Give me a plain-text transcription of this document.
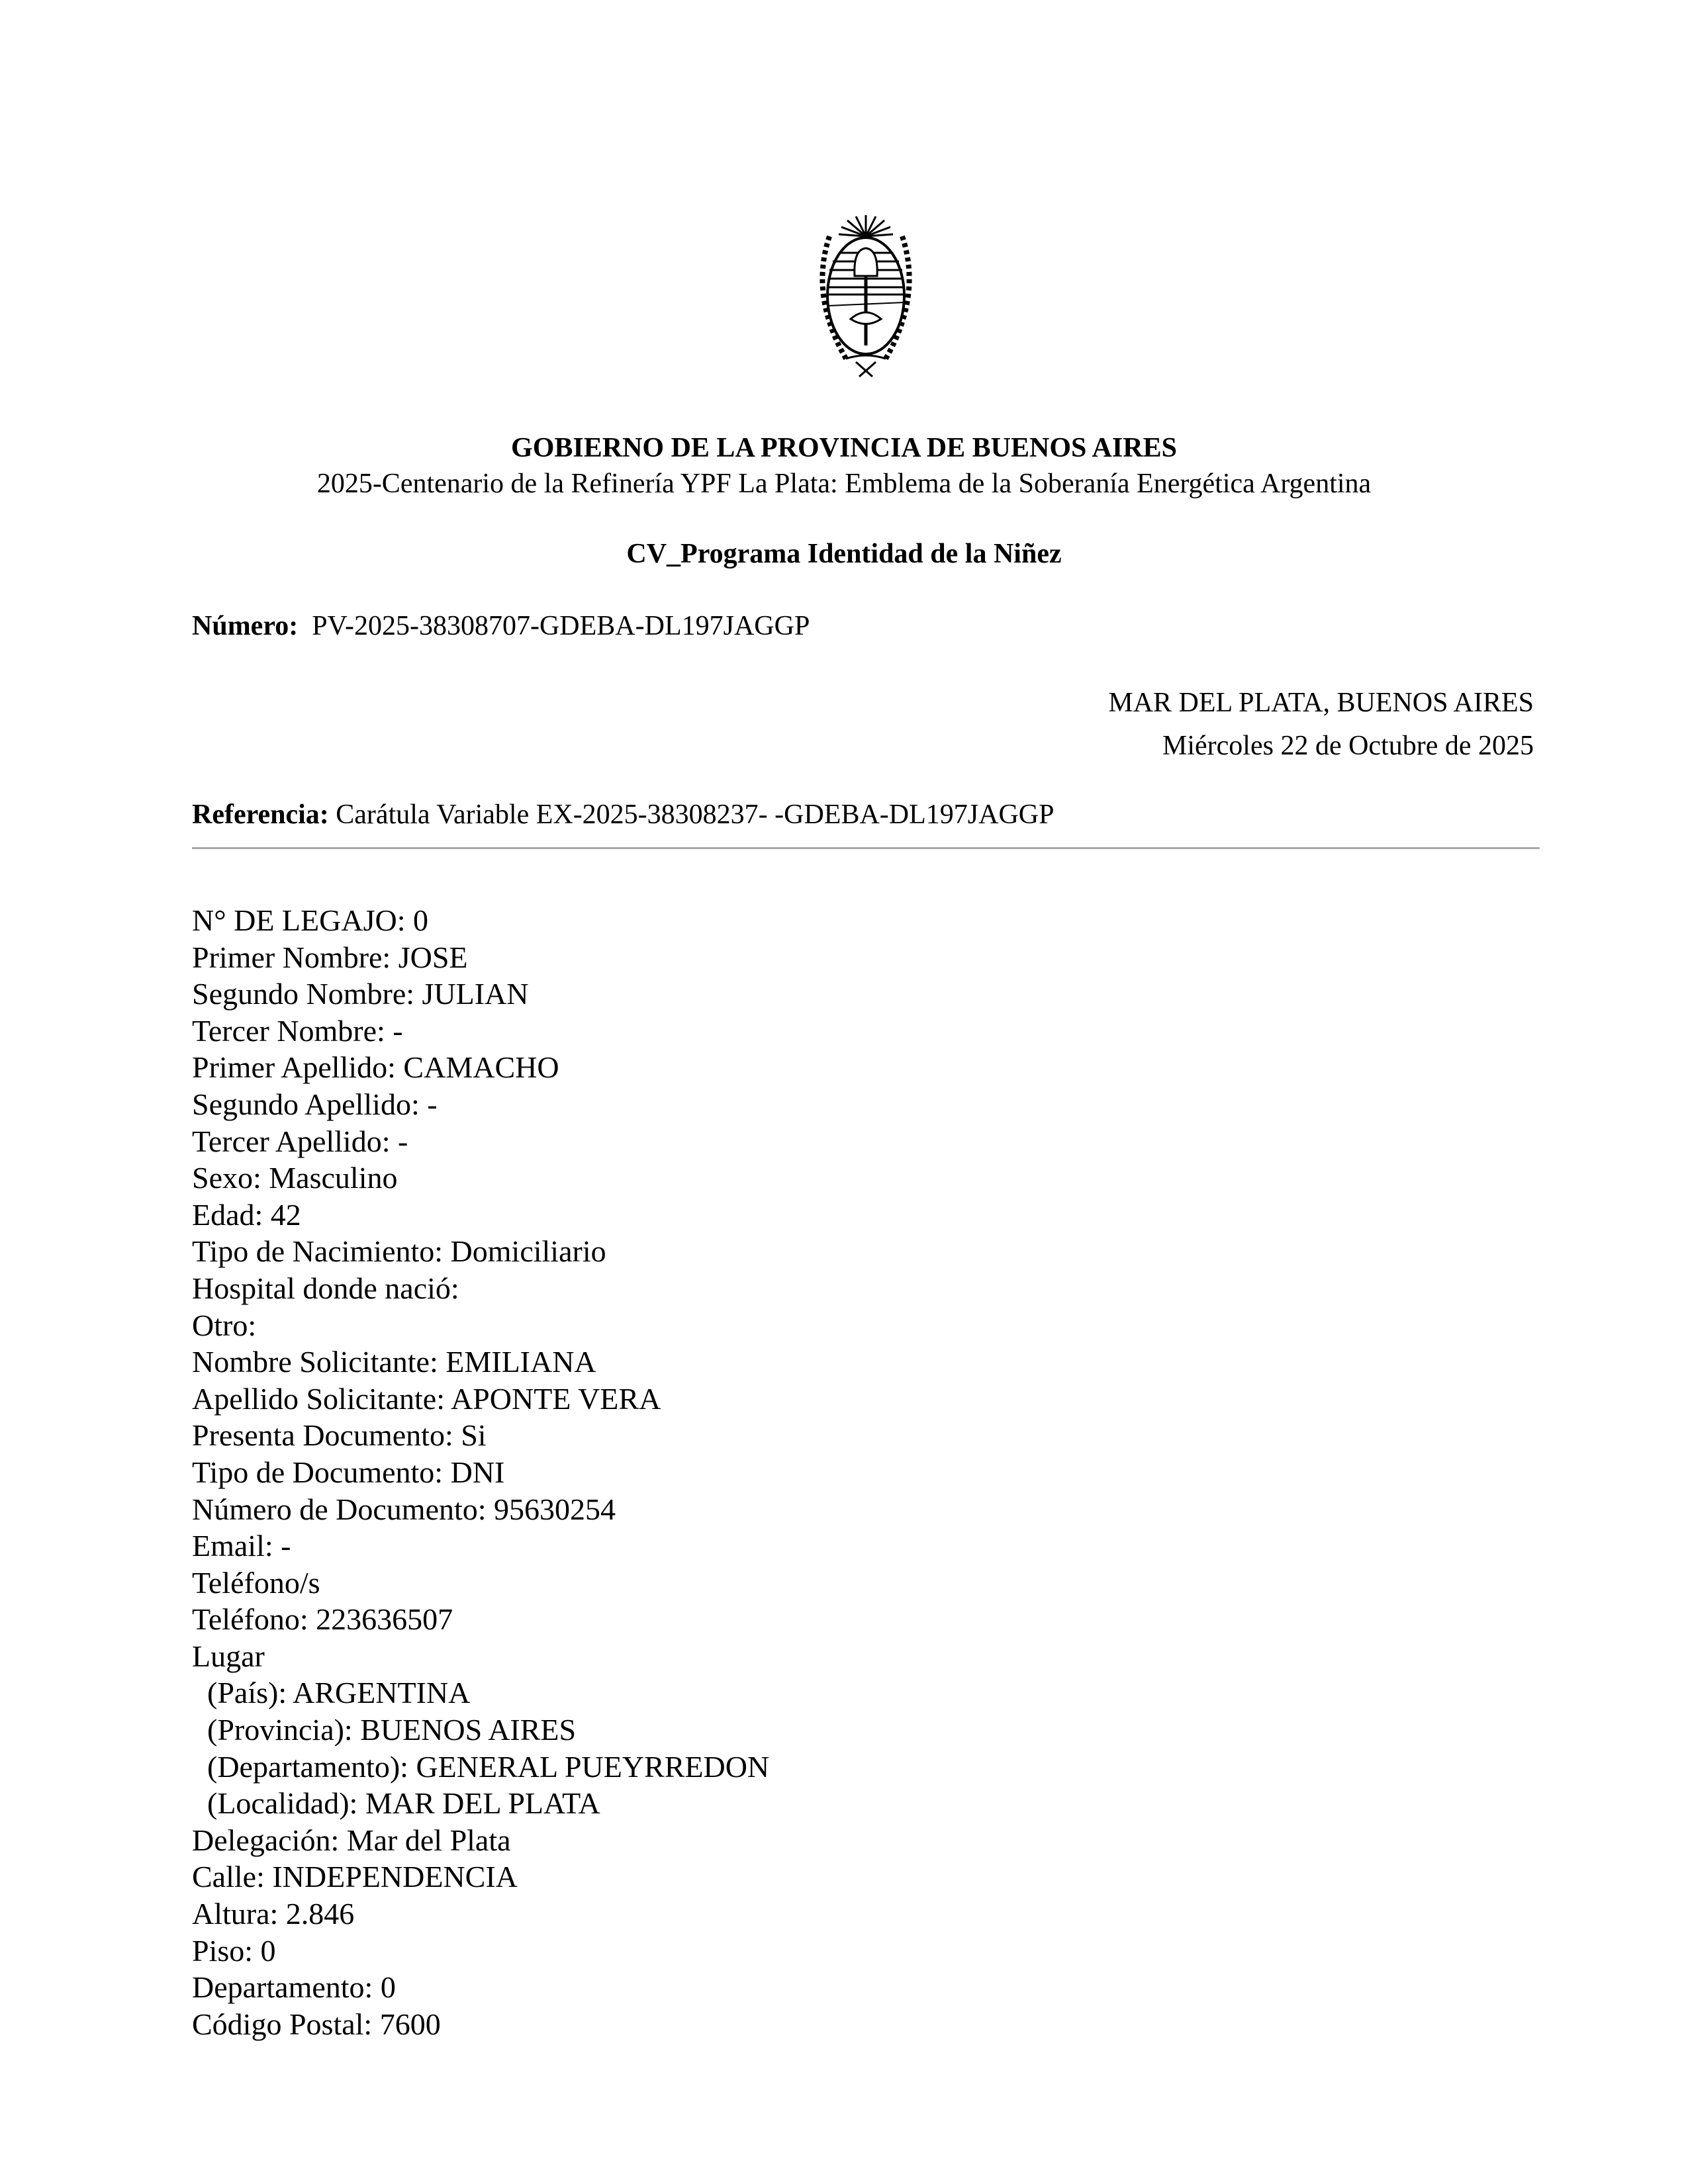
GOBIERNO DE LA PROVINCIA DE BUENOS AIRES
2025-Centenario de la Refinería YPF La Plata: Emblema de la Soberanía Energética Argentina
CV_Programa Identidad de la Niñez
Número: PV-2025-38308707-GDEBA-DL197JAGGP
MAR DEL PLATA, BUENOS AIRES
Miércoles 22 de Octubre de 2025
Referencia: Carátula Variable EX-2025-38308237- -GDEBA-DL197JAGGP
N° DE LEGAJO: 0
Primer Nombre: JOSE
Segundo Nombre: JULIAN
Tercer Nombre: -
Primer Apellido: CAMACHO
Segundo Apellido: -
Tercer Apellido: -
Sexo: Masculino
Edad: 42
Tipo de Nacimiento: Domiciliario
Hospital donde nació:
Otro:
Nombre Solicitante: EMILIANA
Apellido Solicitante: APONTE VERA
Presenta Documento: Si
Tipo de Documento: DNI
Número de Documento: 95630254
Email: -
Teléfono/s
Teléfono: 223636507
Lugar
(País): ARGENTINA
(Provincia): BUENOS AIRES
(Departamento): GENERAL PUEYRREDON
(Localidad): MAR DEL PLATA
Delegación: Mar del Plata
Calle: INDEPENDENCIA
Altura: 2.846
Piso: 0
Departamento: 0
Código Postal: 7600
